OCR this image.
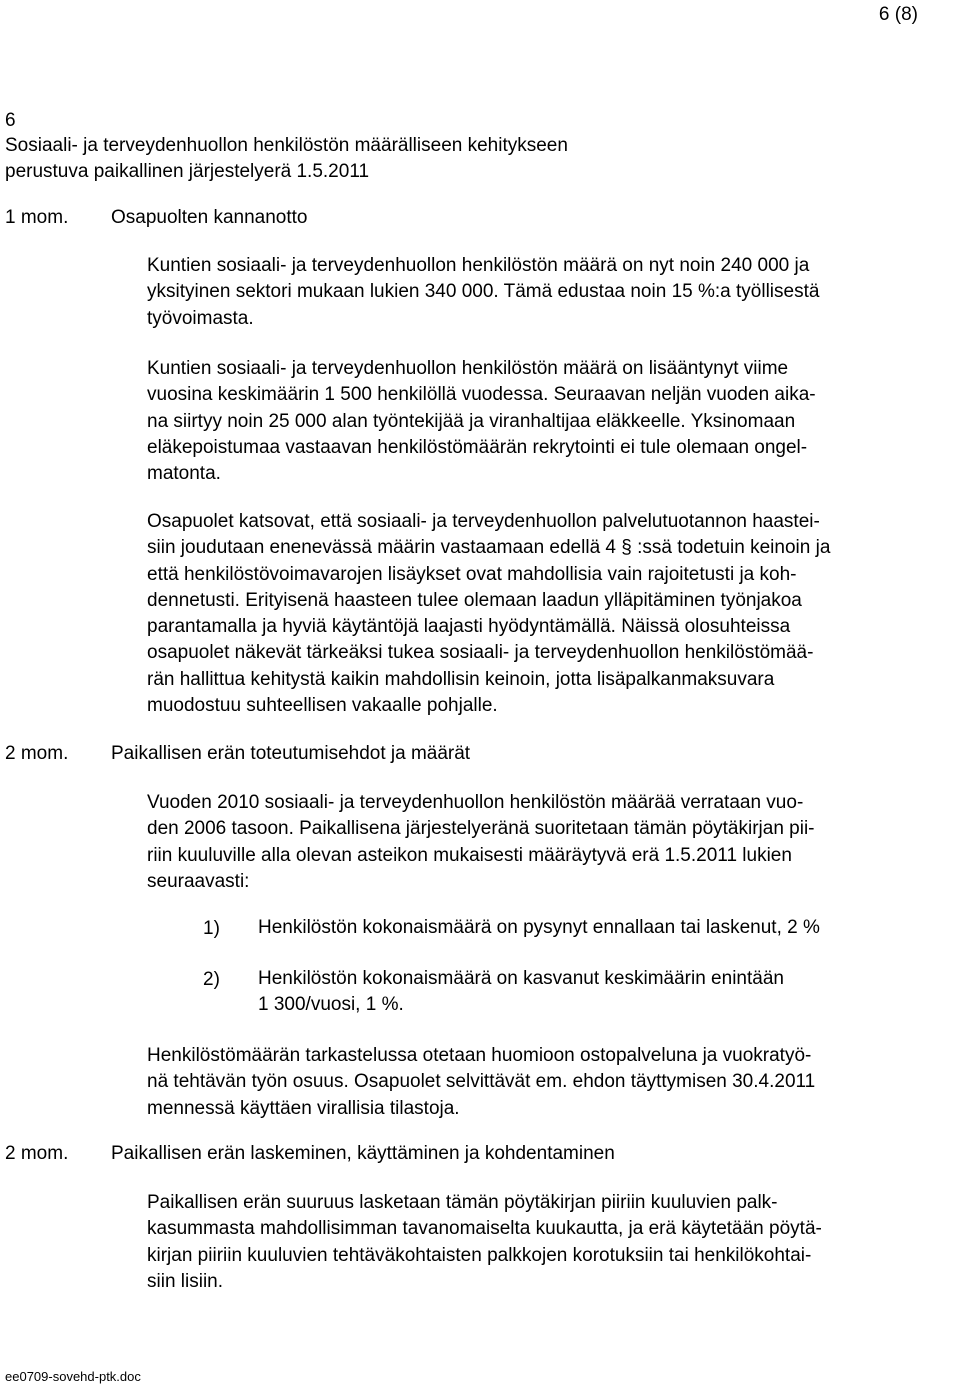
6 (8)
6
Sosiaali- ja terveydenhuollon henkilöstön määrälliseen kehitykseen
perustuva paikallinen järjestelyerä 1.5.2011
1 mom. Osapuolten kannanotto
Kuntien sosiaali- ja terveydenhuollon henkilöstön määrä on nyt noin 240 000 ja
yksityinen sektori mukaan lukien 340 000. Tämä edustaa noin 15 %:a työllisestä
työvoimasta.
Kuntien sosiaali- ja terveydenhuollon henkilöstön määrä on lisääntynyt viime
vuosina keskimäärin 1 500 henkilöllä vuodessa. Seuraavan neljän vuoden aika-
na siirtyy noin 25 000 alan työntekijää ja viranhaltijaa eläkkeelle. Yksinomaan
eläkepoistumaa vastaavan henkilöstömäärän rekrytointi ei tule olemaan ongel-
matonta.
Osapuolet katsovat, että sosiaali- ja terveydenhuollon palvelutuotannon haastei-
siin joudutaan enenevässä määrin vastaamaan edellä 4 § :ssä todetuin keinoin ja
että henkilöstövoimavarojen lisäykset ovat mahdollisia vain rajoitetusti ja koh-
dennetusti. Erityisenä haasteen tulee olemaan laadun ylläpitäminen työnjakoa
parantamalla ja hyviä käytäntöjä laajasti hyödyntämällä. Näissä olosuhteissa
osapuolet näkevät tärkeäksi tukea sosiaali- ja terveydenhuollon henkilöstömää-
rän hallittua kehitystä kaikin mahdollisin keinoin, jotta lisäpalkanmaksuvara
muodostuu suhteellisen vakaalle pohjalle.
2 mom. Paikallisen erän toteutumisehdot ja määrät
Vuoden 2010 sosiaali- ja terveydenhuollon henkilöstön määrää verrataan vuo-
den 2006 tasoon. Paikallisena järjestelyeränä suoritetaan tämän pöytäkirjan pii-
riin kuuluville alla olevan asteikon mukaisesti määräytyvä erä 1.5.2011 lukien
seuraavasti:
1) Henkilöstön kokonaismäärä on pysynyt ennallaan tai laskenut, 2 %
2) Henkilöstön kokonaismäärä on kasvanut keskimäärin enintään
1 300/vuosi, 1 %.
Henkilöstömäärän tarkastelussa otetaan huomioon ostopalveluna ja vuokratyö-
nä tehtävän työn osuus. Osapuolet selvittävät em. ehdon täyttymisen 30.4.2011
mennessä käyttäen virallisia tilastoja.
2 mom. Paikallisen erän laskeminen, käyttäminen ja kohdentaminen
Paikallisen erän suuruus lasketaan tämän pöytäkirjan piiriin kuuluvien palk-
kasummasta mahdollisimman tavanomaiselta kuukautta, ja erä käytetään pöytä-
kirjan piiriin kuuluvien tehtäväkohtaisten palkkojen korotuksiin tai henkilökohtai-
siin lisiin.
ee0709-sovehd-ptk.doc
